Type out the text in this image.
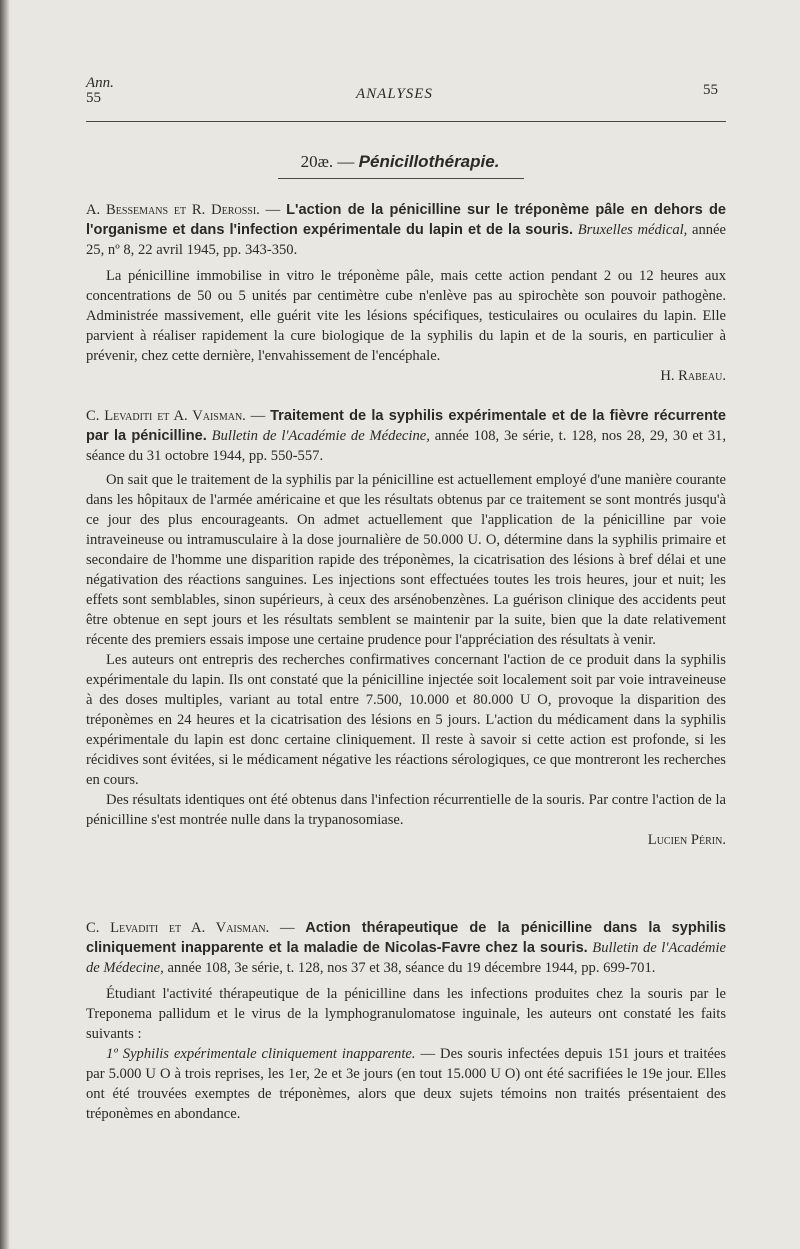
Ann.
55	ANALYSES	55
20æ. — Pénicillothérapie.

A. Bessemans et R. Derossi. — L'action de la pénicilline sur le tréponème pâle en dehors de l'organisme et dans l'infection expérimentale du lapin et de la souris. Bruxelles médical, année 25, nº 8, 22 avril 1945, pp. 343-350.

La pénicilline immobilise in vitro le tréponème pâle, mais cette action pendant 2 ou 12 heures aux concentrations de 50 ou 5 unités par centimètre cube n'enlève pas au spirochète son pouvoir pathogène. Administrée massivement, elle guérit vite les lésions spécifiques, testiculaires ou oculaires du lapin. Elle parvient à réaliser rapidement la cure biologique de la syphilis du lapin et de la souris, en particulier à prévenir, chez cette dernière, l'envahissement de l'encéphale.

H. Rabeau.

C. Levaditi et A. Vaisman. — Traitement de la syphilis expérimentale et de la fièvre récurrente par la pénicilline. Bulletin de l'Académie de Médecine, année 108, 3e série, t. 128, nos 28, 29, 30 et 31, séance du 31 octobre 1944, pp. 550-557.

On sait que le traitement de la syphilis par la pénicilline est actuellement employé d'une manière courante dans les hôpitaux de l'armée américaine et que les résultats obtenus par ce traitement se sont montrés jusqu'à ce jour des plus encourageants. On admet actuellement que l'application de la pénicilline par voie intraveineuse ou intramusculaire à la dose journalière de 50.000 U. O, détermine dans la syphilis primaire et secondaire de l'homme une disparition rapide des tréponèmes, la cicatrisation des lésions à bref délai et une négativation des réactions sanguines. Les injections sont effectuées toutes les trois heures, jour et nuit; les effets sont semblables, sinon supérieurs, à ceux des arsénobenzènes. La guérison clinique des accidents peut être obtenue en sept jours et les résultats semblent se maintenir par la suite, bien que la date relativement récente des premiers essais impose une certaine prudence pour l'appréciation des résultats à venir.

Les auteurs ont entrepris des recherches confirmatives concernant l'action de ce produit dans la syphilis expérimentale du lapin. Ils ont constaté que la pénicilline injectée soit localement soit par voie intraveineuse à des doses multiples, variant au total entre 7.500, 10.000 et 80.000 U O, provoque la disparition des tréponèmes en 24 heures et la cicatrisation des lésions en 5 jours. L'action du médicament dans la syphilis expérimentale du lapin est donc certaine cliniquement. Il reste à savoir si cette action est profonde, si les récidives sont évitées, si le médicament négative les réactions sérologiques, ce que montreront les recherches en cours.

Des résultats identiques ont été obtenus dans l'infection récurrentielle de la souris. Par contre l'action de la pénicilline s'est montrée nulle dans la trypanosomiase.

Lucien Périn.

C. Levaditi et A. Vaisman. — Action thérapeutique de la pénicilline dans la syphilis cliniquement inapparente et la maladie de Nicolas-Favre chez la souris. Bulletin de l'Académie de Médecine, année 108, 3e série, t. 128, nos 37 et 38, séance du 19 décembre 1944, pp. 699-701.

Étudiant l'activité thérapeutique de la pénicilline dans les infections produites chez la souris par le Treponema pallidum et le virus de la lymphogranulomatose inguinale, les auteurs ont constaté les faits suivants :

1º Syphilis expérimentale cliniquement inapparente. — Des souris infectées depuis 151 jours et traitées par 5.000 U O à trois reprises, les 1er, 2e et 3e jours (en tout 15.000 U O) ont été sacrifiées le 19e jour. Elles ont été trouvées exemptes de tréponèmes, alors que deux sujets témoins non traités présentaient des tréponèmes en abondance.
